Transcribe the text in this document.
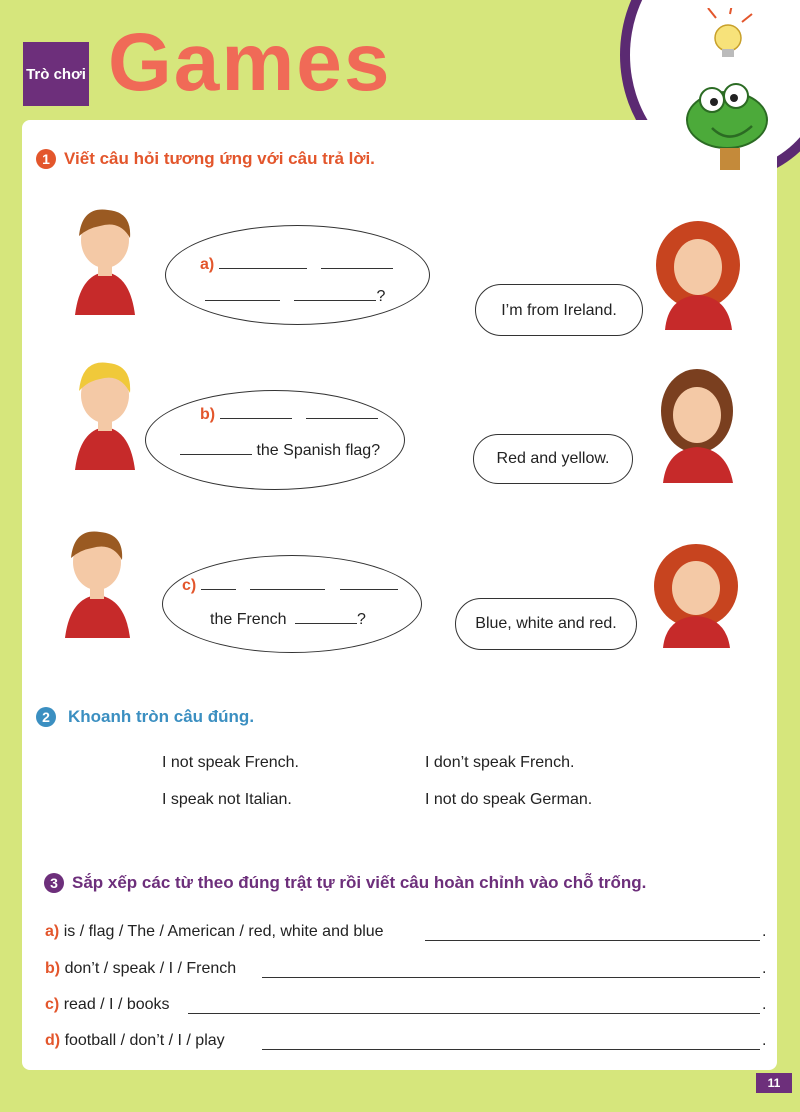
Trò chơi Games
1 Viết câu hỏi tương ứng với câu trả lời.
a)
?
I’m from Ireland.
b)
the Spanish flag?	Red and yellow.
c)
the French	?	Blue, white and red.
2	Khoanh tròn câu đúng.
I not speak French.	I don’t speak French.
I speak not Italian.	I not do speak German.
3 Sắp xếp các từ theo đúng trật tự rồi viết câu hoàn chỉnh vào chỗ trống.
a) is / flag / The / American / red, white and blue	.
b) don’t / speak / I / French	.
c) read / I / books	.
d) football / don’t / I / play	.
11
